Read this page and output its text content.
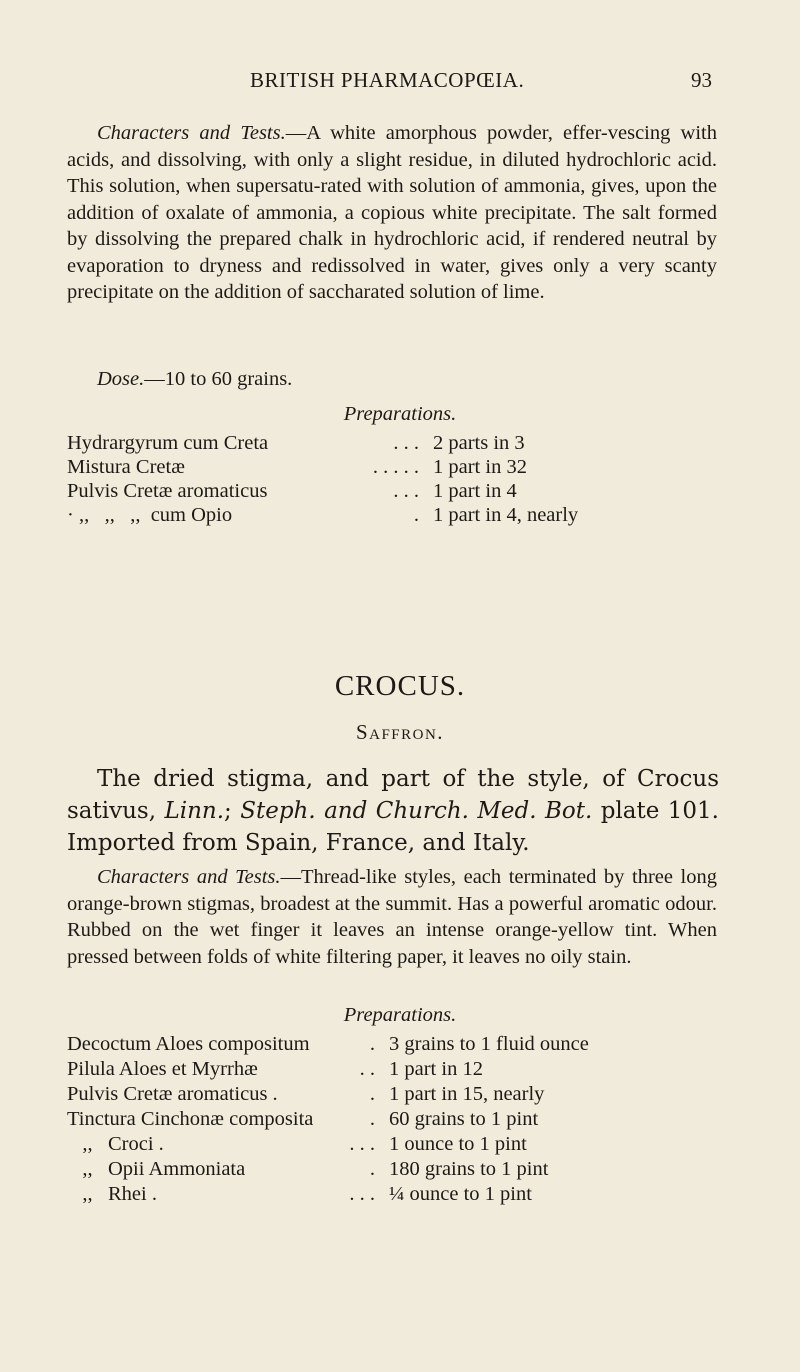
BRITISH PHARMACOPŒIA.	93
Characters and Tests.—A white amorphous powder, effer-vescing with acids, and dissolving, with only a slight residue, in diluted hydrochloric acid. This solution, when supersatu-rated with solution of ammonia, gives, upon the addition of oxalate of ammonia, a copious white precipitate. The salt formed by dissolving the prepared chalk in hydrochloric acid, if rendered neutral by evaporation to dryness and redissolved in water, gives only a very scanty precipitate on the addition of saccharated solution of lime.
Dose.—10 to 60 grains.
Preparations.
Hydrargyrum cum Creta	. . . 2 parts in 3
Mistura Cretæ	. . . . . 1 part in 32
Pulvis Cretæ aromaticus	. . . 1 part in 4
· ,,   ,,   ,,  cum Opio	. 1 part in 4, nearly
CROCUS.
Saffron.
The dried stigma, and part of the style, of Crocus sativus, Linn.; Steph. and Church. Med. Bot. plate 101. Imported from Spain, France, and Italy.
Characters and Tests.—Thread-like styles, each terminated by three long orange-brown stigmas, broadest at the summit. Has a powerful aromatic odour. Rubbed on the wet finger it leaves an intense orange-yellow tint. When pressed between folds of white filtering paper, it leaves no oily stain.
Preparations.
Decoctum Aloes compositum	. 3 grains to 1 fluid ounce
Pilula Aloes et Myrrhæ	. . 1 part in 12
Pulvis Cretæ aromaticus .	. 1 part in 15, nearly
Tinctura Cinchonæ composita	. 60 grains to 1 pint
,,   Croci .	. . . 1 ounce to 1 pint
,,   Opii Ammoniata	. 180 grains to 1 pint
,,   Rhei .	. . . ¼ ounce to 1 pint
